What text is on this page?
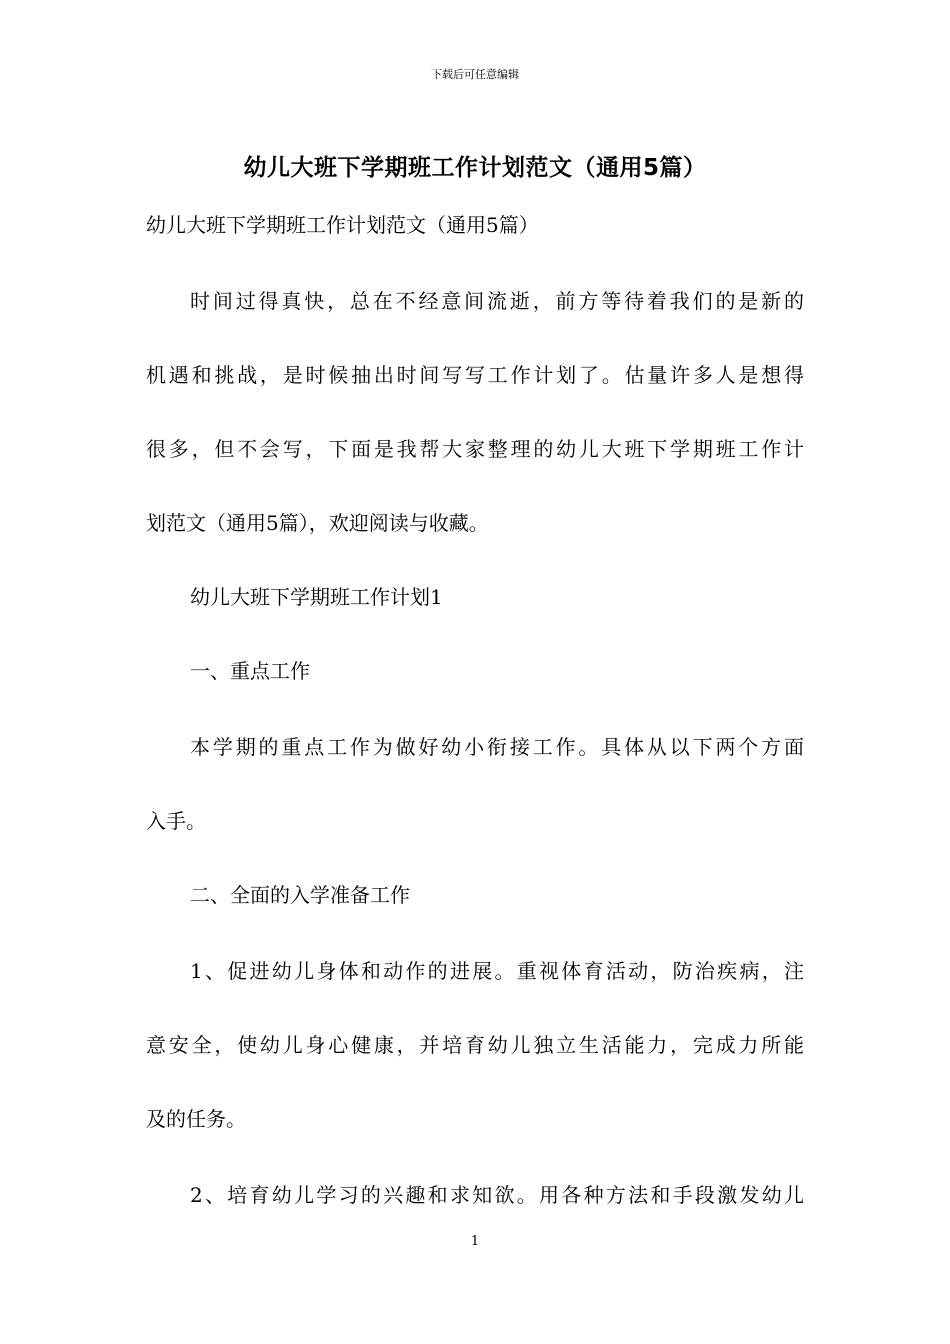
下载后可任意编辑
幼儿大班下学期班工作计划范文（通用5篇）
幼儿大班下学期班工作计划范文（通用5篇）
时间过得真快，总在不经意间流逝，前方等待着我们的是新的
机遇和挑战，是时候抽出时间写写工作计划了。估量许多人是想得
很多，但不会写，下面是我帮大家整理的幼儿大班下学期班工作计
划范文（通用5篇），欢迎阅读与收藏。
幼儿大班下学期班工作计划1
一、重点工作
本学期的重点工作为做好幼小衔接工作。具体从以下两个方面
入手。
二、全面的入学准备工作
1、促进幼儿身体和动作的进展。重视体育活动，防治疾病，注
意安全，使幼儿身心健康，并培育幼儿独立生活能力，完成力所能
及的任务。
2、培育幼儿学习的兴趣和求知欲。用各种方法和手段激发幼儿
1
